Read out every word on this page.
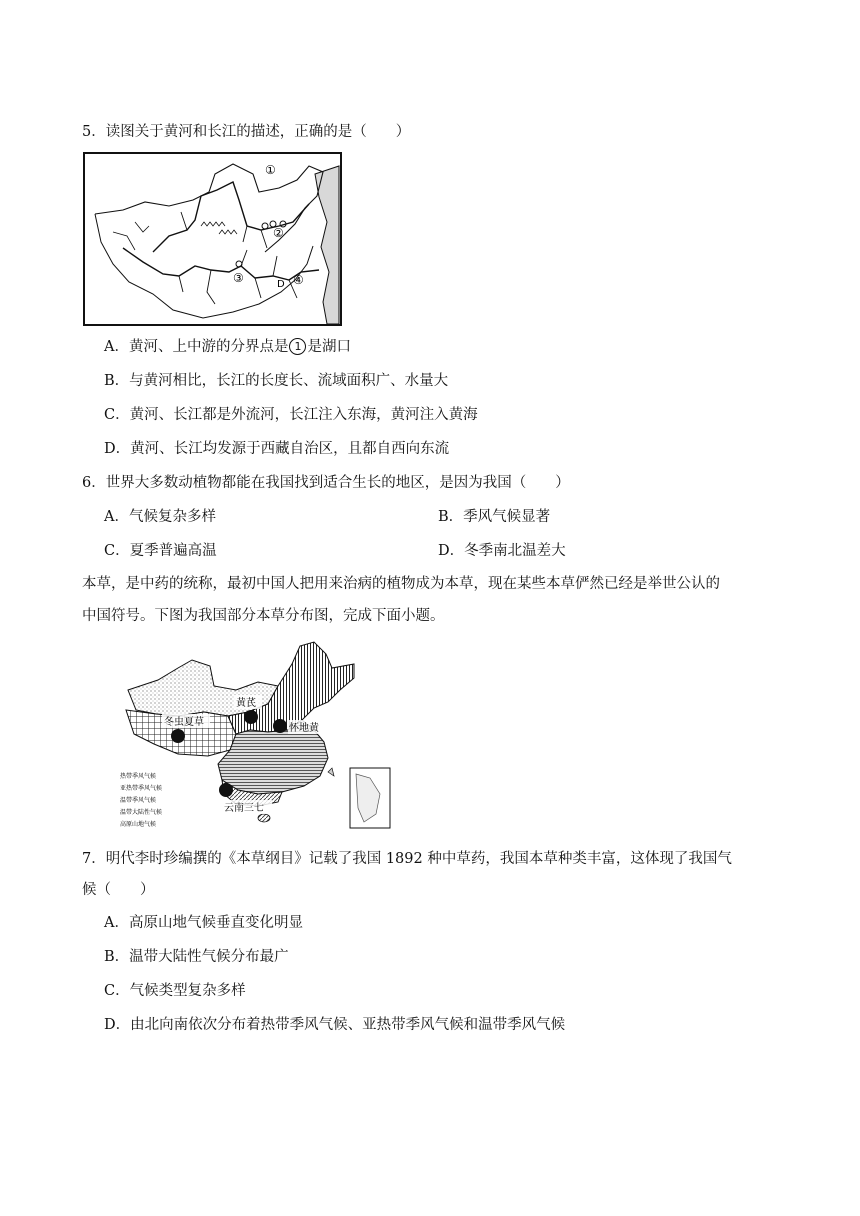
5．读图关于黄河和长江的描述，正确的是（　　）
①
②
③	④
D
A．黄河、上中游的分界点是 1 是湖口
B．与黄河相比，长江的长度长、流域面积广、水量大
C．黄河、长江都是外流河，长江注入东海，黄河注入黄海
D．黄河、长江均发源于西藏自治区，且都自西向东流
6．世界大多数动植物都能在我国找到适合生长的地区，是因为我国（　　）
A．气候复杂多样	B．季风气候显著
C．夏季普遍高温	D．冬季南北温差大
本草，是中药的统称，最初中国人把用来治病的植物成为本草，现在某些本草俨然已经是举世公认的
中国符号。下图为我国部分本草分布图，完成下面小题。
黄芪
怀地黄
冬虫夏草
云南三七
热带季风气候
亚热带季风气候
温带季风气候
温带大陆性气候
高原山地气候
7．明代李时珍编撰的《本草纲目》记载了我国 1892 种中草药，我国本草种类丰富，这体现了我国气
候（　　）
A．高原山地气候垂直变化明显
B．温带大陆性气候分布最广
C．气候类型复杂多样
D．由北向南依次分布着热带季风气候、亚热带季风气候和温带季风气候
